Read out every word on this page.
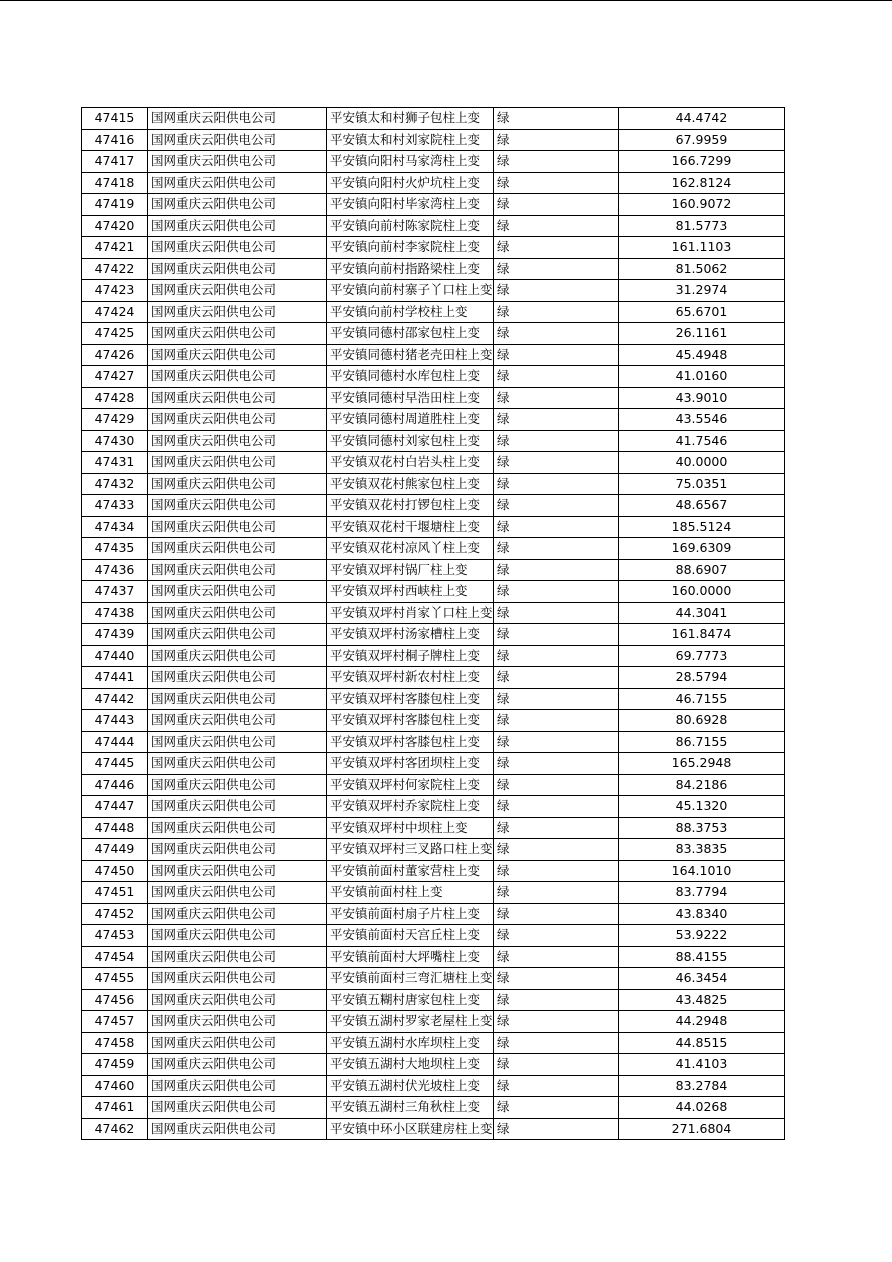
47415	国网重庆云阳供电公司	平安镇太和村狮子包柱上变	绿	44.4742
47416	国网重庆云阳供电公司	平安镇太和村刘家院柱上变	绿	67.9959
47417	国网重庆云阳供电公司	平安镇向阳村马家湾柱上变	绿	166.7299
47418	国网重庆云阳供电公司	平安镇向阳村火炉坑柱上变	绿	162.8124
47419	国网重庆云阳供电公司	平安镇向阳村毕家湾柱上变	绿	160.9072
47420	国网重庆云阳供电公司	平安镇向前村陈家院柱上变	绿	81.5773
47421	国网重庆云阳供电公司	平安镇向前村李家院柱上变	绿	161.1103
47422	国网重庆云阳供电公司	平安镇向前村指路梁柱上变	绿	81.5062
47423	国网重庆云阳供电公司	平安镇向前村寨子丫口柱上变	绿	31.2974
47424	国网重庆云阳供电公司	平安镇向前村学校柱上变	绿	65.6701
47425	国网重庆云阳供电公司	平安镇同德村邵家包柱上变	绿	26.1161
47426	国网重庆云阳供电公司	平安镇同德村猪老壳田柱上变	绿	45.4948
47427	国网重庆云阳供电公司	平安镇同德村水库包柱上变	绿	41.0160
47428	国网重庆云阳供电公司	平安镇同德村早浩田柱上变	绿	43.9010
47429	国网重庆云阳供电公司	平安镇同德村周道胜柱上变	绿	43.5546
47430	国网重庆云阳供电公司	平安镇同德村刘家包柱上变	绿	41.7546
47431	国网重庆云阳供电公司	平安镇双花村白岩头柱上变	绿	40.0000
47432	国网重庆云阳供电公司	平安镇双花村熊家包柱上变	绿	75.0351
47433	国网重庆云阳供电公司	平安镇双花村打锣包柱上变	绿	48.6567
47434	国网重庆云阳供电公司	平安镇双花村干堰塘柱上变	绿	185.5124
47435	国网重庆云阳供电公司	平安镇双花村凉风丫柱上变	绿	169.6309
47436	国网重庆云阳供电公司	平安镇双坪村锅厂柱上变	绿	88.6907
47437	国网重庆云阳供电公司	平安镇双坪村西峡柱上变	绿	160.0000
47438	国网重庆云阳供电公司	平安镇双坪村肖家丫口柱上变	绿	44.3041
47439	国网重庆云阳供电公司	平安镇双坪村汤家槽柱上变	绿	161.8474
47440	国网重庆云阳供电公司	平安镇双坪村桐子牌柱上变	绿	69.7773
47441	国网重庆云阳供电公司	平安镇双坪村新农村柱上变	绿	28.5794
47442	国网重庆云阳供电公司	平安镇双坪村客膝包柱上变	绿	46.7155
47443	国网重庆云阳供电公司	平安镇双坪村客膝包柱上变	绿	80.6928
47444	国网重庆云阳供电公司	平安镇双坪村客膝包柱上变	绿	86.7155
47445	国网重庆云阳供电公司	平安镇双坪村客团坝柱上变	绿	165.2948
47446	国网重庆云阳供电公司	平安镇双坪村何家院柱上变	绿	84.2186
47447	国网重庆云阳供电公司	平安镇双坪村乔家院柱上变	绿	45.1320
47448	国网重庆云阳供电公司	平安镇双坪村中坝柱上变	绿	88.3753
47449	国网重庆云阳供电公司	平安镇双坪村三叉路口柱上变	绿	83.3835
47450	国网重庆云阳供电公司	平安镇前面村董家营柱上变	绿	164.1010
47451	国网重庆云阳供电公司	平安镇前面村柱上变	绿	83.7794
47452	国网重庆云阳供电公司	平安镇前面村扇子片柱上变	绿	43.8340
47453	国网重庆云阳供电公司	平安镇前面村天宫丘柱上变	绿	53.9222
47454	国网重庆云阳供电公司	平安镇前面村大坪嘴柱上变	绿	88.4155
47455	国网重庆云阳供电公司	平安镇前面村三弯汇塘柱上变	绿	46.3454
47456	国网重庆云阳供电公司	平安镇五糊村唐家包柱上变	绿	43.4825
47457	国网重庆云阳供电公司	平安镇五湖村罗家老屋柱上变	绿	44.2948
47458	国网重庆云阳供电公司	平安镇五湖村水库坝柱上变	绿	44.8515
47459	国网重庆云阳供电公司	平安镇五湖村大地坝柱上变	绿	41.4103
47460	国网重庆云阳供电公司	平安镇五湖村伏光坡柱上变	绿	83.2784
47461	国网重庆云阳供电公司	平安镇五湖村三角秋柱上变	绿	44.0268
47462	国网重庆云阳供电公司	平安镇中环小区联建房柱上变	绿	271.6804
